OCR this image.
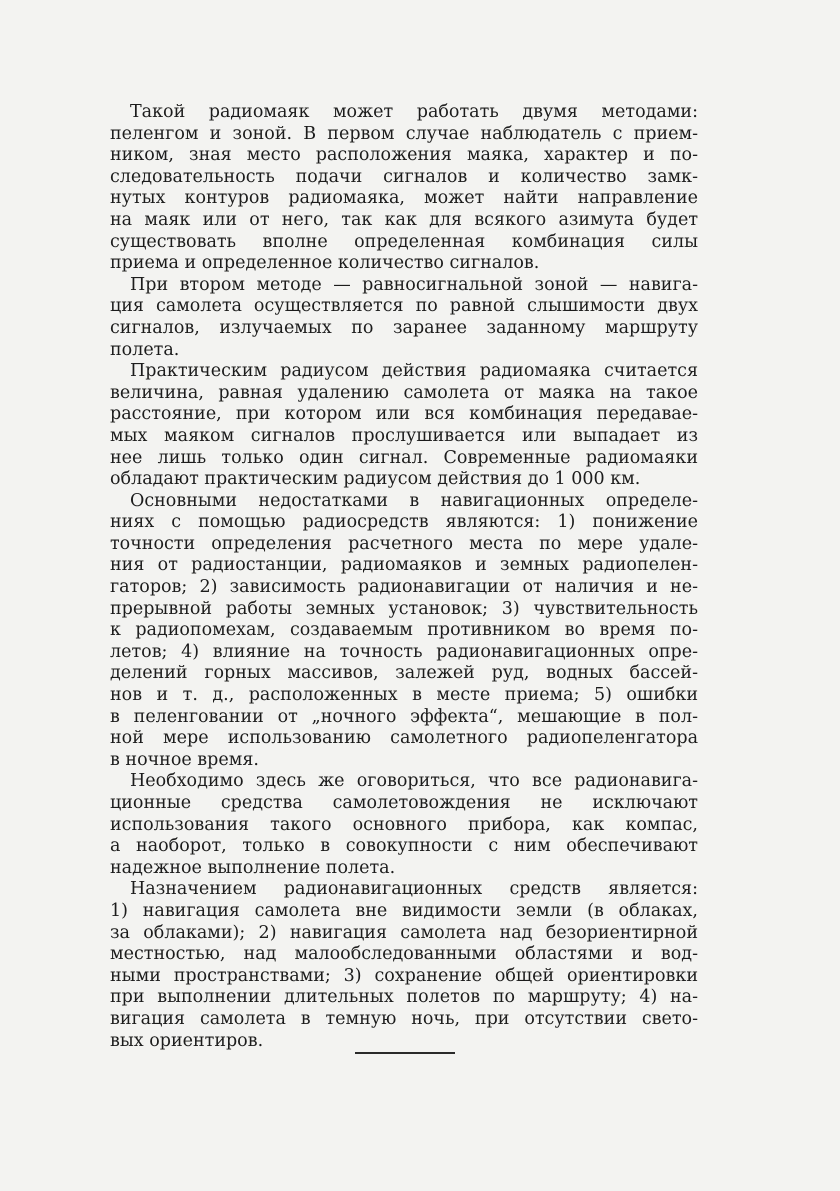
Такой радиомаяк может работать двумя методами:
пеленгом и зоной. В первом случае наблюдатель с прием-
ником, зная место расположения маяка, характер и по-
следовательность подачи сигналов и количество замк-
нутых контуров радиомаяка, может найти направление
на маяк или от него, так как для всякого азимута будет
существовать вполне определенная комбинация силы
приема и определенное количество сигналов.
При втором методе — равносигнальной зоной — навига-
ция самолета осуществляется по равной слышимости двух
сигналов, излучаемых по заранее заданному маршруту
полета.
Практическим радиусом действия радиомаяка считается
величина, равная удалению самолета от маяка на такое
расстояние, при котором или вся комбинация передавае-
мых маяком сигналов прослушивается или выпадает из
нее лишь только один сигнал. Современные радиомаяки
обладают практическим радиусом действия до 1 000 км.
Основными недостатками в навигационных определе-
ниях с помощью радиосредств являются: 1) понижение
точности определения расчетного места по мере удале-
ния от радиостанции, радиомаяков и земных радиопелен-
гаторов; 2) зависимость радионавигации от наличия и не-
прерывной работы земных установок; 3) чувствительность
к радиопомехам, создаваемым противником во время по-
летов; 4) влияние на точность радионавигационных опре-
делений горных массивов, залежей руд, водных бассей-
нов и т. д., расположенных в месте приема; 5) ошибки
в пеленговании от „ночного эффекта“, мешающие в пол-
ной мере использованию самолетного радиопеленгатора
в ночное время.
Необходимо здесь же оговориться, что все радионавига-
ционные средства самолетовождения не исключают
использования такого основного прибора, как компас,
а наоборот, только в совокупности с ним обеспечивают
надежное выполнение полета.
Назначением радионавигационных средств является:
1) навигация самолета вне видимости земли (в облаках,
за облаками); 2) навигация самолета над безориентирной
местностью, над малообследованными областями и вод-
ными пространствами; 3) сохранение общей ориентировки
при выполнении длительных полетов по маршруту; 4) на-
вигация самолета в темную ночь, при отсутствии свето-
вых ориентиров.
